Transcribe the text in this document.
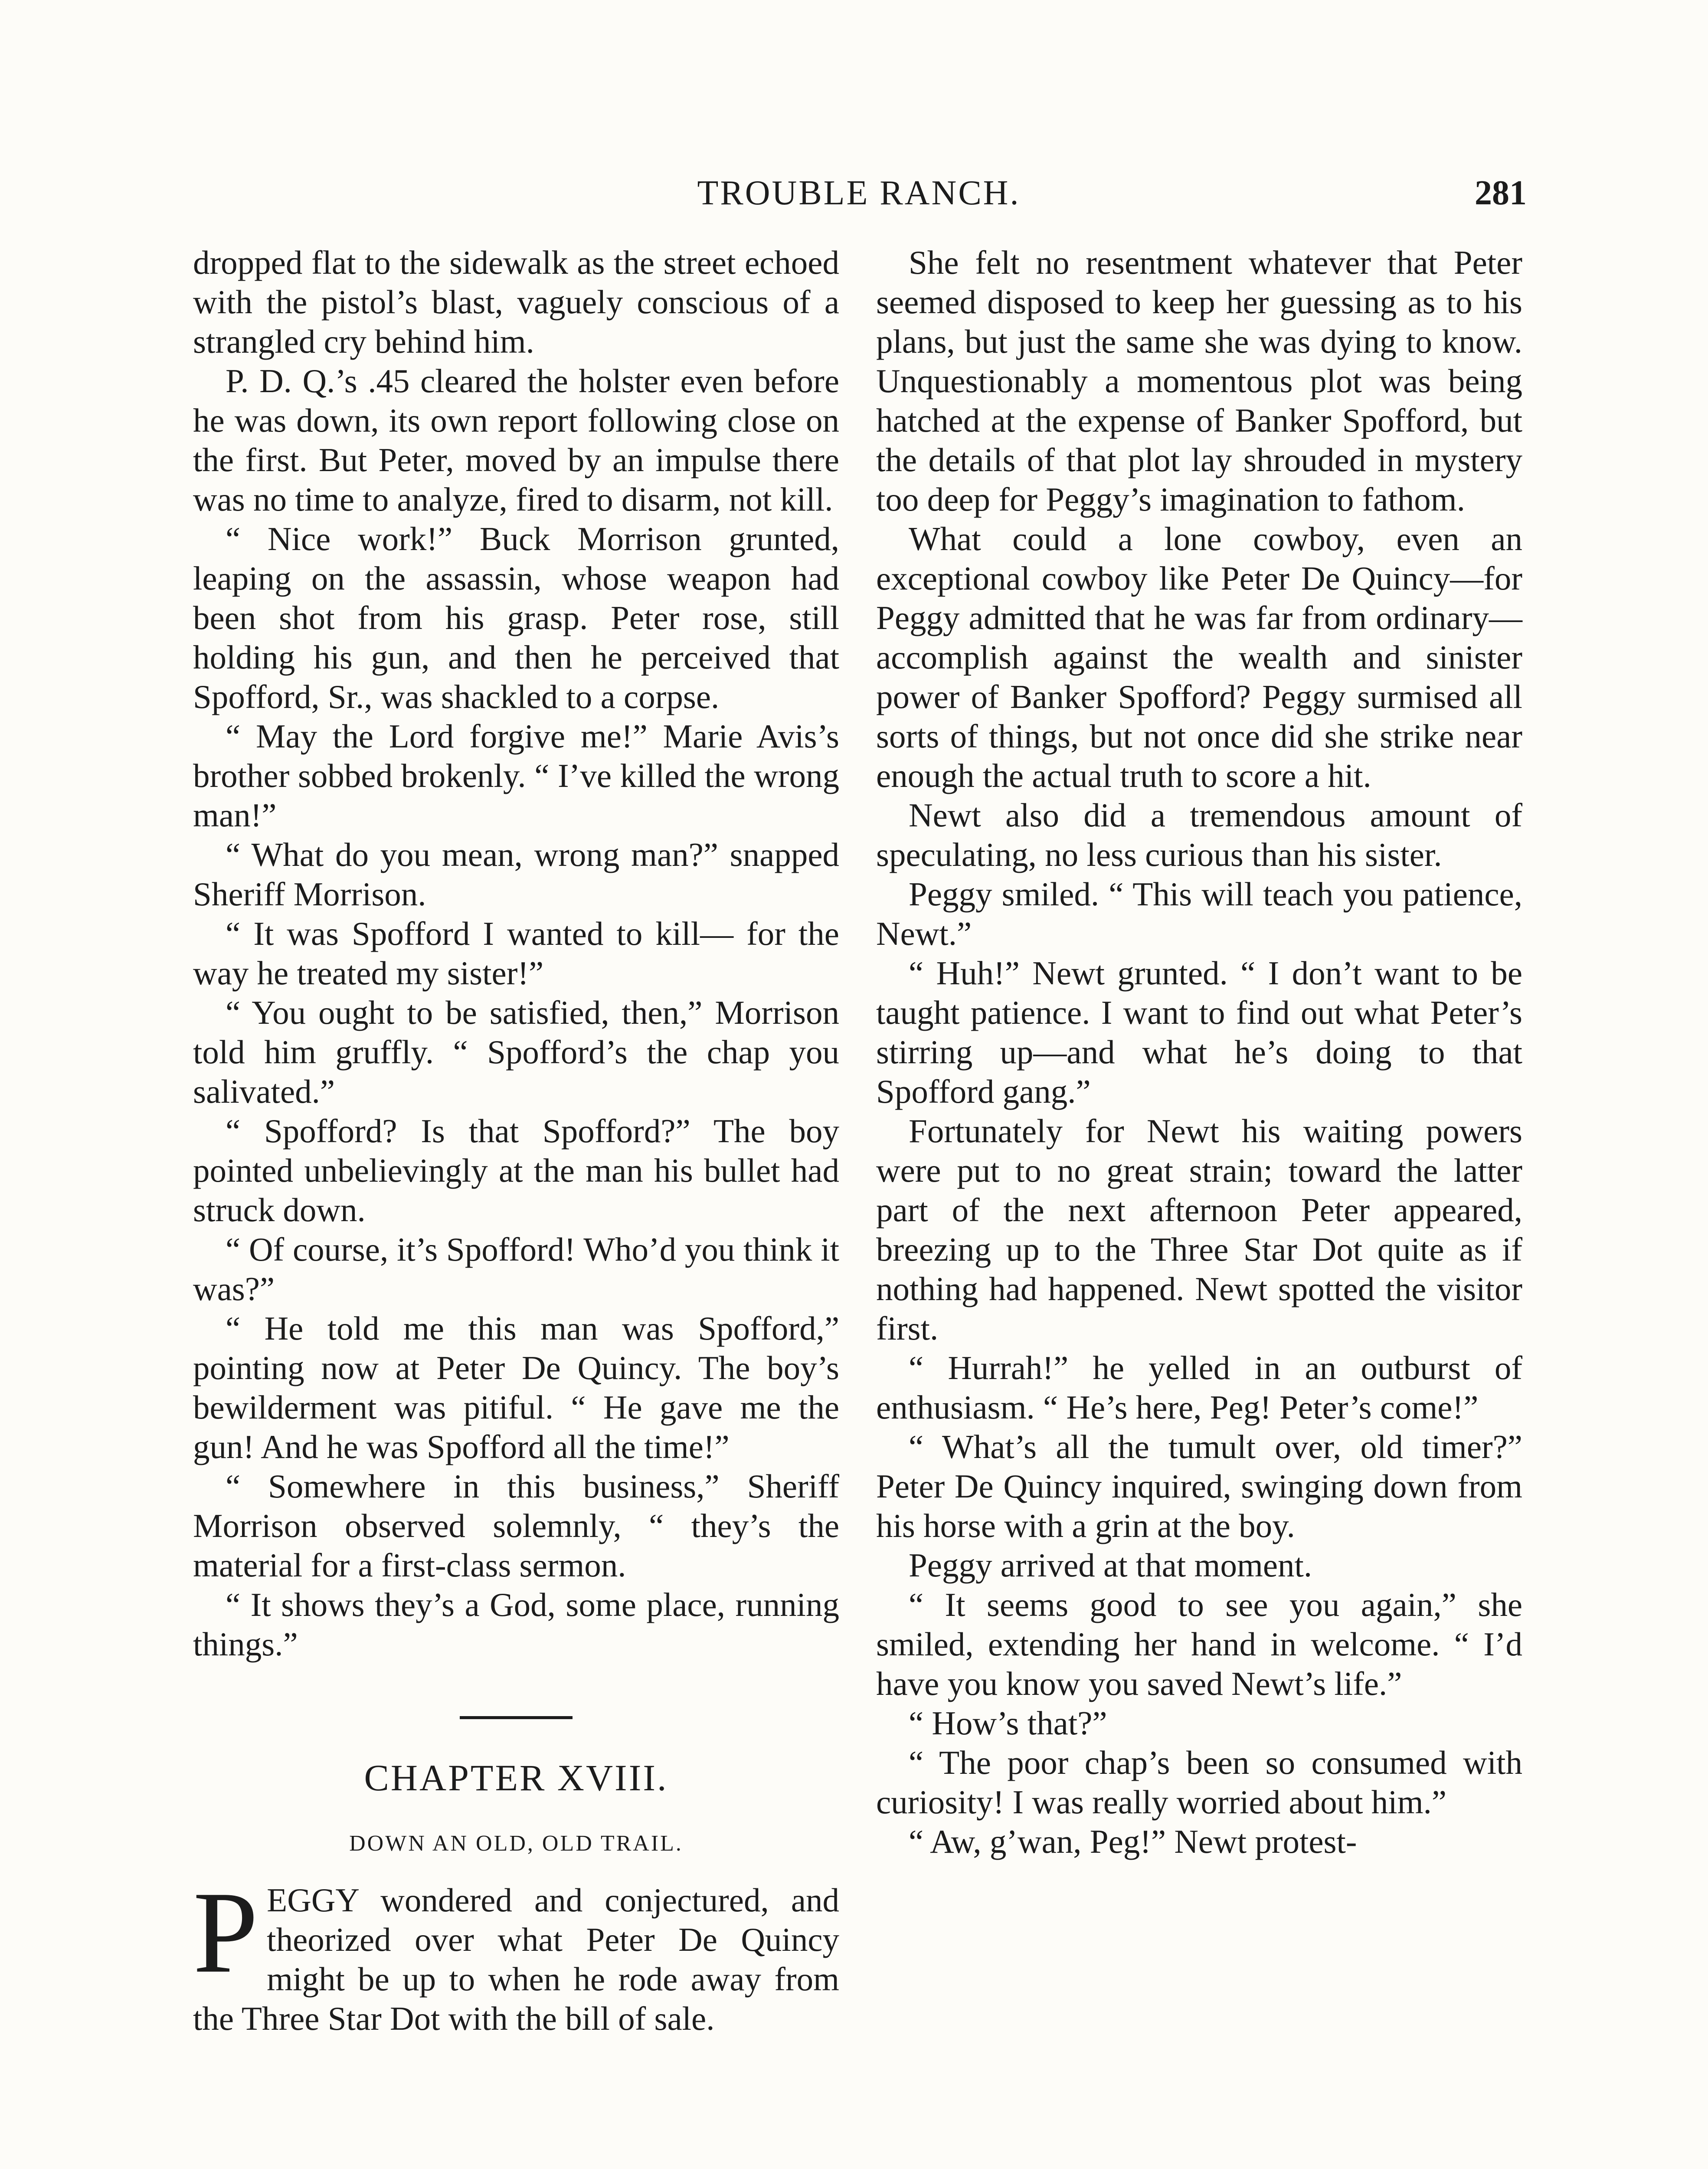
TROUBLE RANCH.	281

dropped flat to the sidewalk as the street echoed with the pistol’s blast, vaguely conscious of a strangled cry behind him.

P. D. Q.’s .45 cleared the holster even before he was down, its own report following close on the first. But Peter, moved by an impulse there was no time to analyze, fired to disarm, not kill.

“ Nice work!” Buck Morrison grunted, leaping on the assassin, whose weapon had been shot from his grasp. Peter rose, still holding his gun, and then he perceived that Spofford, Sr., was shackled to a corpse.

“ May the Lord forgive me!” Marie Avis’s brother sobbed brokenly. “ I’ve killed the wrong man!”

“ What do you mean, wrong man?” snapped Sheriff Morrison.

“ It was Spofford I wanted to kill— for the way he treated my sister!”

“ You ought to be satisfied, then,” Morrison told him gruffly. “ Spofford’s the chap you salivated.”

“ Spofford? Is that Spofford?” The boy pointed unbelievingly at the man his bullet had struck down.

“ Of course, it’s Spofford! Who’d you think it was?”

“ He told me this man was Spofford,” pointing now at Peter De Quincy. The boy’s bewilderment was pitiful. “ He gave me the gun! And he was Spofford all the time!”

“ Somewhere in this business,” Sheriff Morrison observed solemnly, “ they’s the material for a first-class sermon.

“ It shows they’s a God, some place, running things.”

CHAPTER XVIII.
DOWN AN OLD, OLD TRAIL.

PEGGY wondered and conjectured, and theorized over what Peter De Quincy might be up to when he rode away from the Three Star Dot with the bill of sale.

She felt no resentment whatever that Peter seemed disposed to keep her guessing as to his plans, but just the same she was dying to know. Unquestionably a momentous plot was being hatched at the expense of Banker Spofford, but the details of that plot lay shrouded in mystery too deep for Peggy’s imagination to fathom.

What could a lone cowboy, even an exceptional cowboy like Peter De Quincy—for Peggy admitted that he was far from ordinary—accomplish against the wealth and sinister power of Banker Spofford? Peggy surmised all sorts of things, but not once did she strike near enough the actual truth to score a hit.

Newt also did a tremendous amount of speculating, no less curious than his sister.

Peggy smiled. “ This will teach you patience, Newt.”

“ Huh!” Newt grunted. “ I don’t want to be taught patience. I want to find out what Peter’s stirring up—and what he’s doing to that Spofford gang.”

Fortunately for Newt his waiting powers were put to no great strain; toward the latter part of the next afternoon Peter appeared, breezing up to the Three Star Dot quite as if nothing had happened. Newt spotted the visitor first.

“ Hurrah!” he yelled in an outburst of enthusiasm. “ He’s here, Peg! Peter’s come!”

“ What’s all the tumult over, old timer?” Peter De Quincy inquired, swinging down from his horse with a grin at the boy.

Peggy arrived at that moment.

“ It seems good to see you again,” she smiled, extending her hand in welcome. “ I’d have you know you saved Newt’s life.”

“ How’s that?”

“ The poor chap’s been so consumed with curiosity! I was really worried about him.”

“ Aw, g’wan, Peg!” Newt protest-
